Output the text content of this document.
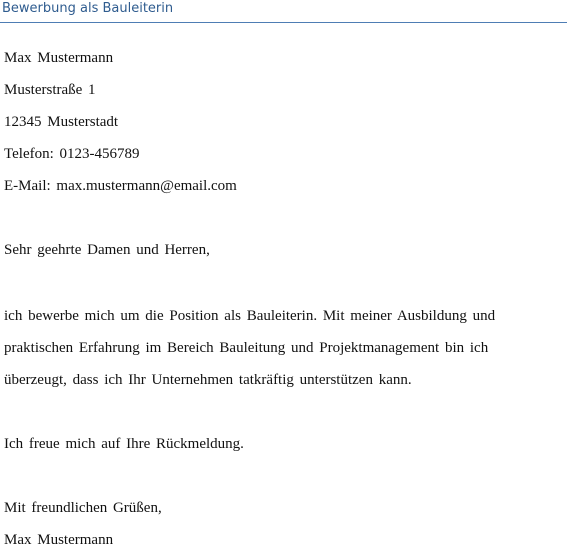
Bewerbung als Bauleiterin
Max Mustermann
Musterstraße 1
12345 Musterstadt
Telefon: 0123-456789
E-Mail: max.mustermann@email.com
Sehr geehrte Damen und Herren,
ich bewerbe mich um die Position als Bauleiterin. Mit meiner Ausbildung und
praktischen Erfahrung im Bereich Bauleitung und Projektmanagement bin ich
überzeugt, dass ich Ihr Unternehmen tatkräftig unterstützen kann.
Ich freue mich auf Ihre Rückmeldung.
Mit freundlichen Grüßen,
Max Mustermann
